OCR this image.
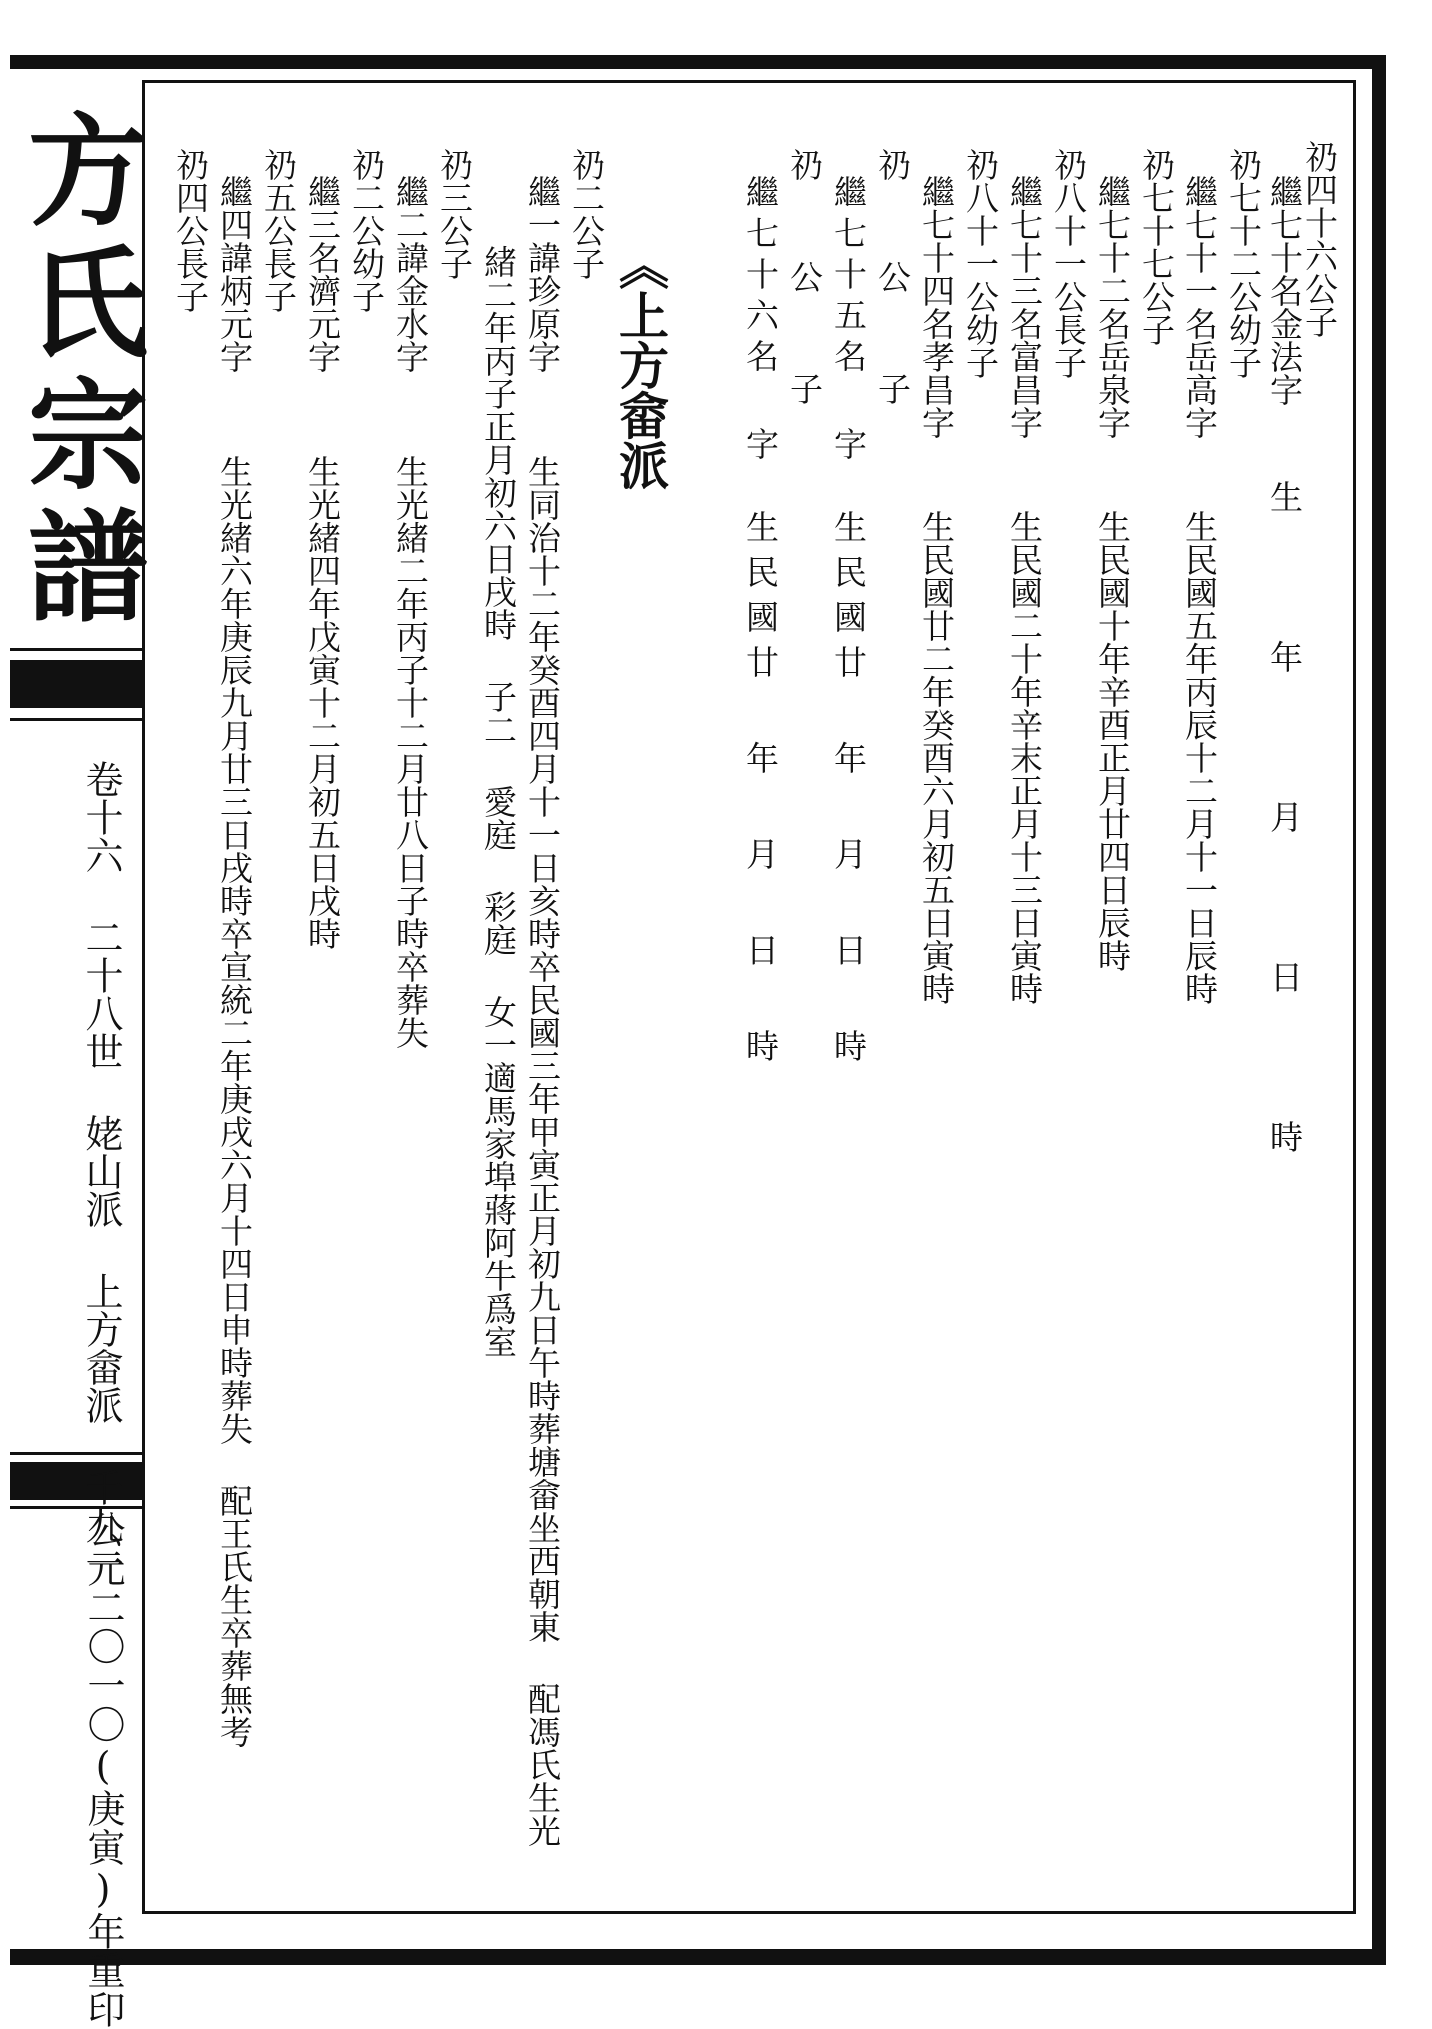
方氏宗譜
卷十六 二十八世 姥山派 上方畲派 千九一
公元二〇一〇(庚寅)年重印
《上方畲派
礽四十六公子
繼七十名金法字
礽七十二公幼子
繼七十一名岳高字
礽七十七公子
繼七十二名岳泉字
礽八十一公長子
繼七十三名富昌字
礽八十一公幼子
繼七十四名孝昌字
礽 公 子
繼七十五名 字
礽 公 子
繼七十六名 字
礽二公子
繼一諱珍原字
礽三公子
繼二諱金水字
礽二公幼子
繼三名濟元字
礽五公長子
繼四諱炳元字
礽四公長子
生 年 月 日 時
生民國五年丙辰十二月十一日辰時
生民國十年辛酉正月廿四日辰時
生民國二十年辛末正月十三日寅時
生民國廿二年癸酉六月初五日寅時
生民國廿 年 月 日 時
生民國廿 年 月 日 時
生同治十二年癸酉四月十一日亥時卒民國三年甲寅正月初九日午時葬塘畲坐西朝東 配馮氏生光
緒二年丙子正月初六日戌時 子二 愛庭 彩庭 女一適馬家埠蔣阿牛爲室
生光緒二年丙子十二月廿八日子時卒葬失
生光緒四年戊寅十二月初五日戌時
生光緒六年庚辰九月廿三日戌時卒宣統二年庚戌六月十四日申時葬失 配王氏生卒葬無考
